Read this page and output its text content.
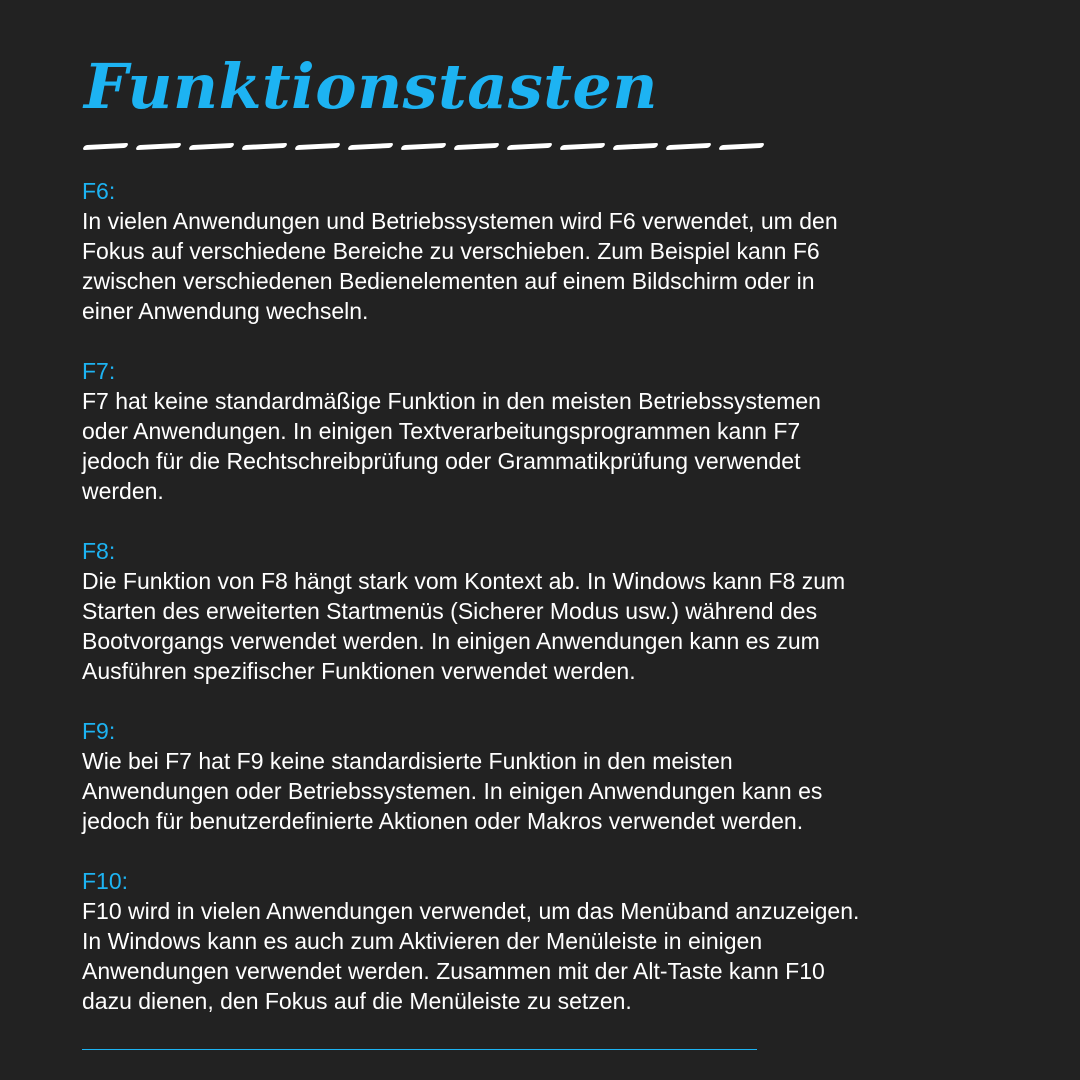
Funktionstasten

F6:

In vielen Anwendungen und Betriebssystemen wird F6 verwendet, um den
Fokus auf verschiedene Bereiche zu verschieben. Zum Beispiel kann F6
zwischen verschiedenen Bedienelementen auf einem Bildschirm oder in
einer Anwendung wechseln.

F7:

F7 hat keine standardmäßige Funktion in den meisten Betriebssystemen
oder Anwendungen. In einigen Textverarbeitungsprogrammen kann F7
jedoch für die Rechtschreibprüfung oder Grammatikprüfung verwendet
werden.

F8:

Die Funktion von F8 hängt stark vom Kontext ab. In Windows kann F8 zum
Starten des erweiterten Startmenüs (Sicherer Modus usw.) während des
Bootvorgangs verwendet werden. In einigen Anwendungen kann es zum
Ausführen spezifischer Funktionen verwendet werden.

F9:

Wie bei F7 hat F9 keine standardisierte Funktion in den meisten
Anwendungen oder Betriebssystemen. In einigen Anwendungen kann es
jedoch für benutzerdefinierte Aktionen oder Makros verwendet werden.

F10:

F10 wird in vielen Anwendungen verwendet, um das Menüband anzuzeigen.
In Windows kann es auch zum Aktivieren der Menüleiste in einigen
Anwendungen verwendet werden. Zusammen mit der Alt-Taste kann F10
dazu dienen, den Fokus auf die Menüleiste zu setzen.
